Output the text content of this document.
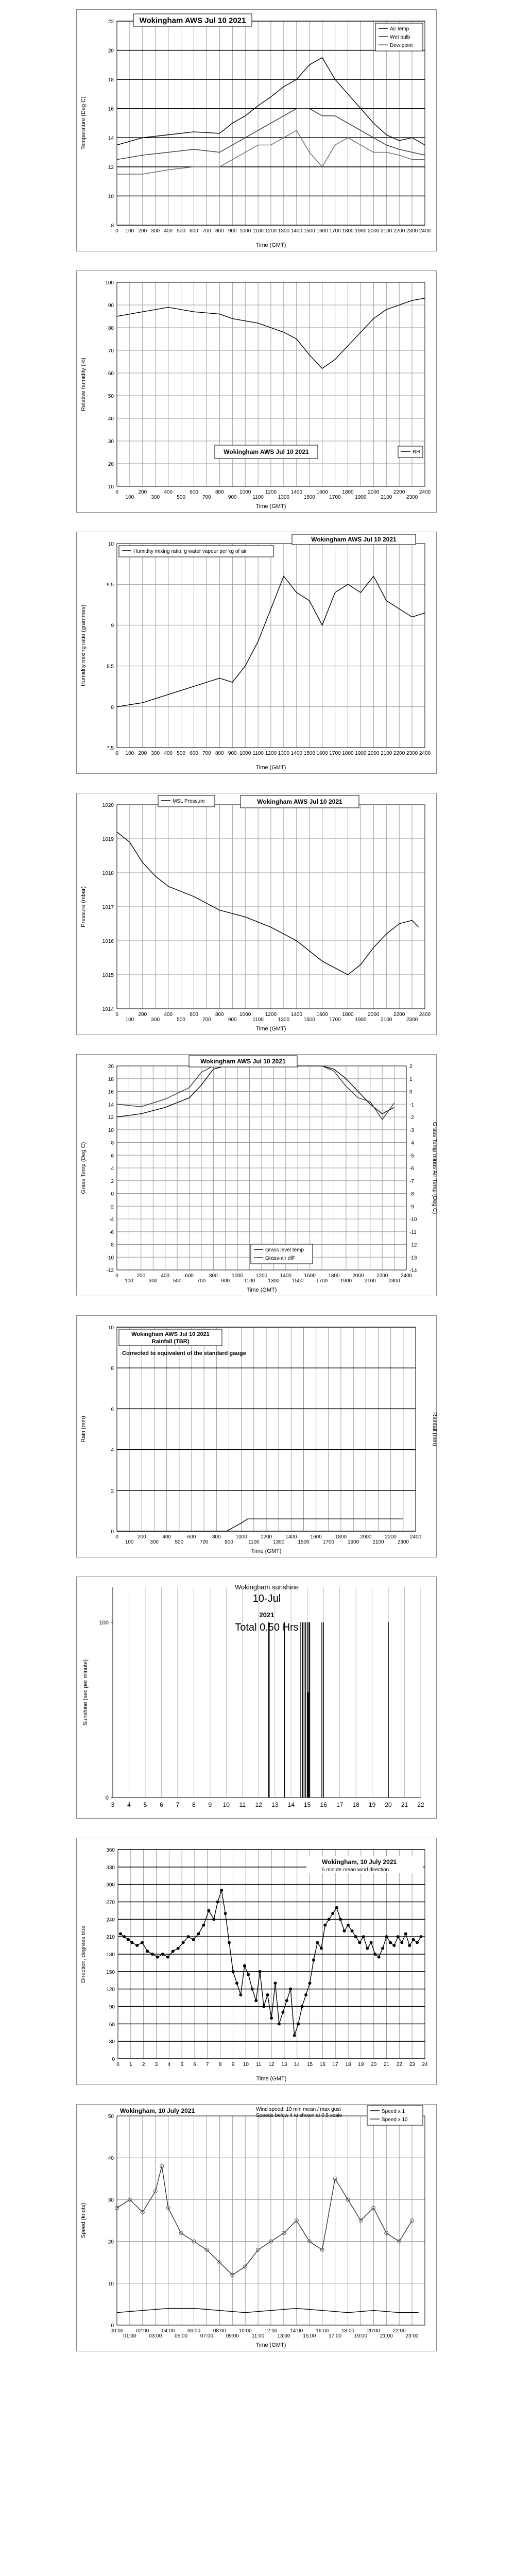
0 100 200 300 400 500 600 700 800 900 1000 1100 1200 1300 1400 1500 1600 1700 1800 1900 2000 2100 2200 2300 2400
8
10
12
14
16
18
20
22
Time (GMT)
Temperature (Deg C)
Wokingham AWS Jul 10 2021
Air temp
Wet bulb
Dew point
0
100
200
300
400
500
600
700
800
900
1000
1100
1200
1300
1400
1500
1600
1700
1800
1900
2000
2100
2200
2300
2400
10
20
30
40
50
60
70
80
90
100
Time (GMT)
Relative humidity (%)
Wokingham AWS Jul 10 2021	RH
0 100 200 300 400 500 600 700 800 900 1000 1100 1200 1300 1400 1500 1600 1700 1800 1900 2000 2100 2200 2300 2400
7.5
8
8.5
9
9.5
10
Time (GMT)
Humidity mixing ratio (grammes)
Wokingham AWS Jul 10 2021
Humidity mixing ratio, g water vapour per kg of air
0
100
200
300
400
500
600
700
800
900
1000
1100
1200
1300
1400
1500
1600
1700
1800
1900
2000
2100
2200
2300
2400
1014
1015
1016
1017
1018
1019
1020
Time (GMT)
Pressure (mbar)
Wokingham AWS Jul 10 2021
MSL Pressure
0
100
200
300
400
500
600
700
800
900
1000
1100
1200
1300
1400
1500
1600
1700
1800
1900
2000
2100
2200
2300
2400
-12
-10
-8
-6
-4
-2
0
2
4
6
8
10
12
14
16
18
20
-14
-13
-12
-11
-10
-9
-8
-7
-6
-5
-4
-3
-2
-1
0
1
2
Time (GMT)
Grass Temp (Deg C)	Grass Temp minus Air Temp (Deg C)
Wokingham AWS Jul 10 2021
Grass level temp
Grass-air diff
0
100
200
300
400
500
600
700
800
900
1000
1100
1200
1300
1400
1500
1600
1700
1800
1900
2000
2100
2200
2300
2400
0
2
4
6
8
10
Time (GMT)
Rain (mm)	Rainfall (mm)
Wokingham AWS Jul 10 2021
Rainfall (TBR)
Corrected to equivalent of the standard gauge
3 4 5 6 7 8 9 10 11 12 13 14 15 16 17 18 19 20 21 22
0
100
Sunshine (sec per minute)
Wokingham sunshine
10-Jul
2021
Total 0.50 Hrs
0 1 2 3 4 5 6 7 8 9 10 11 12 13 14 15 16 17 18 19 20 21 22 23 24
0
30
60
90
120
150
180
210
240
270
300
330
360
Time (GMT)
Direction, degrees true
Wokingham, 10 July 2021
5 minute mean wind direction
00:00
01:00
02:00
03:00
04:00
05:00
06:00
07:00
08:00
09:00
10:00
11:00
12:00
13:00
14:00
15:00
16:00
17:00
18:00
19:00
20:00
21:00
22:00
23:00
0
10
20
30
40
50
Time (GMT)
Speed (knots)
Wokingham, 10 July 2021	Wind speed: 10 min mean / max gust
Speeds below 4 kt shown at 0.5 scale
Speed x 1
Speed x 10
